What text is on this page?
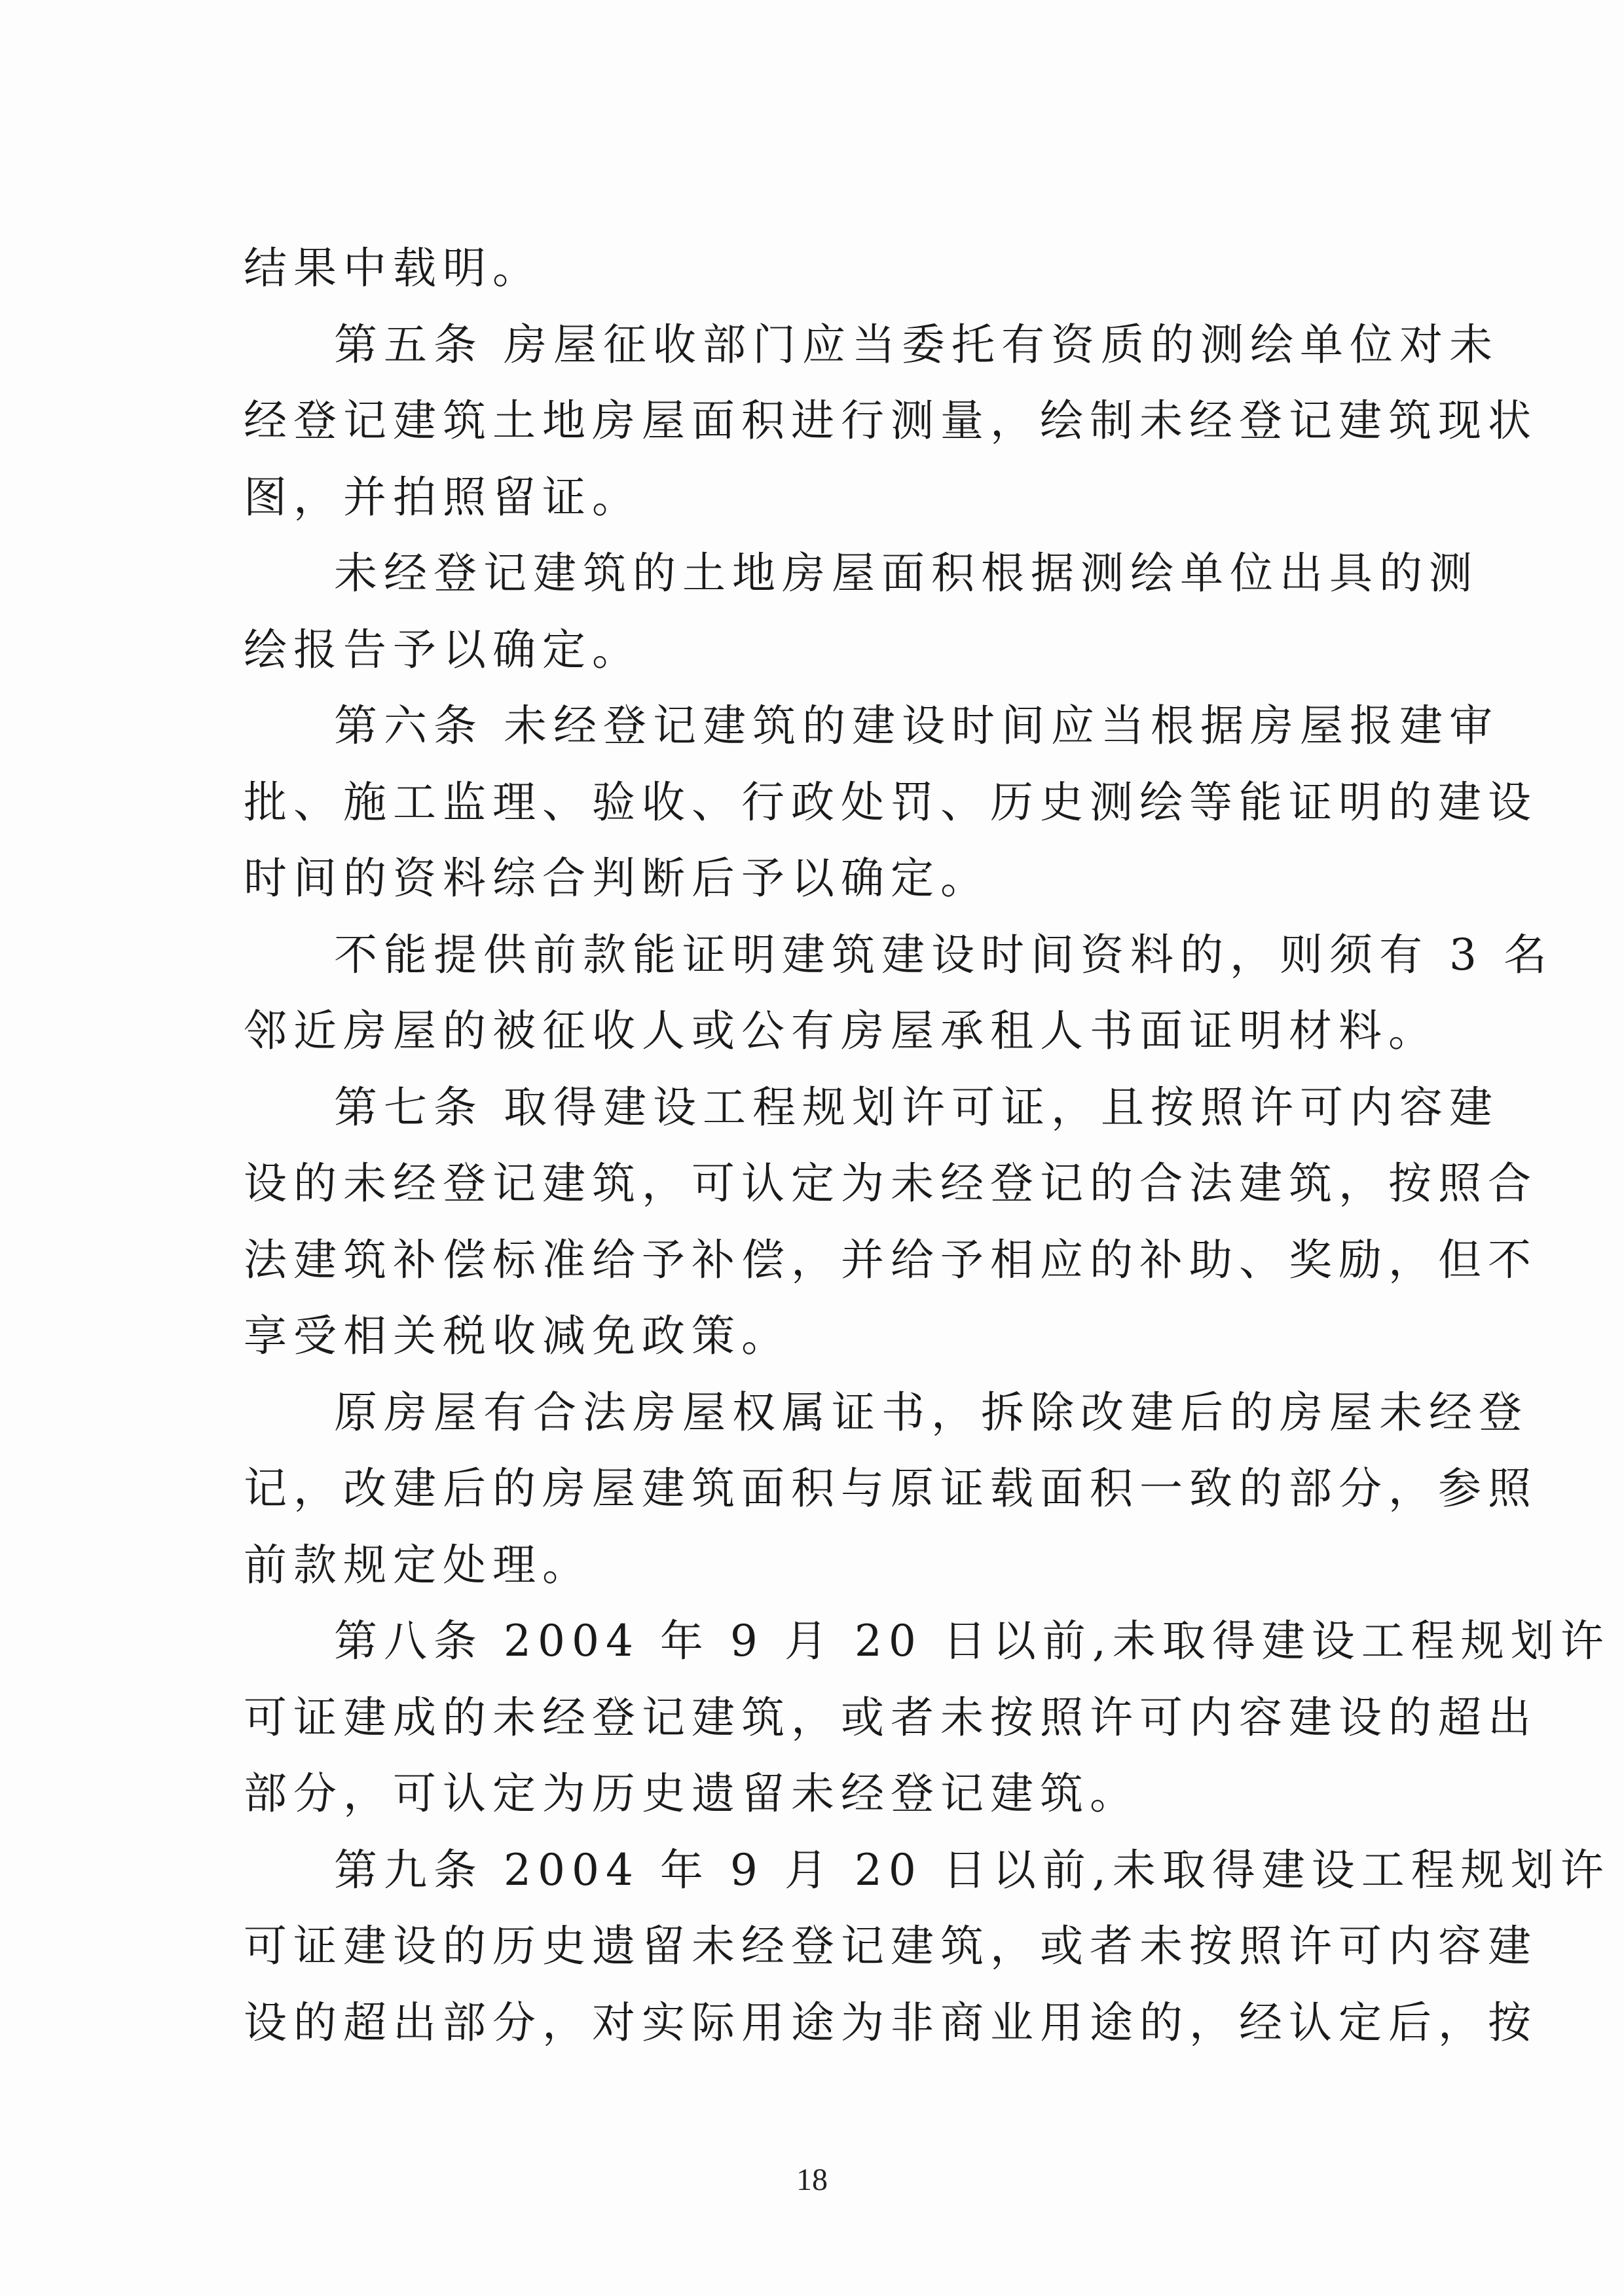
结果中载明。
第五条 房屋征收部门应当委托有资质的测绘单位对未
经登记建筑土地房屋面积进行测量，绘制未经登记建筑现状
图，并拍照留证。
未经登记建筑的土地房屋面积根据测绘单位出具的测
绘报告予以确定。
第六条 未经登记建筑的建设时间应当根据房屋报建审
批、施工监理、验收、行政处罚、历史测绘等能证明的建设
时间的资料综合判断后予以确定。
不能提供前款能证明建筑建设时间资料的，则须有 3 名
邻近房屋的被征收人或公有房屋承租人书面证明材料。
第七条 取得建设工程规划许可证，且按照许可内容建
设的未经登记建筑，可认定为未经登记的合法建筑，按照合
法建筑补偿标准给予补偿，并给予相应的补助、奖励，但不
享受相关税收减免政策。
原房屋有合法房屋权属证书，拆除改建后的房屋未经登
记，改建后的房屋建筑面积与原证载面积一致的部分，参照
前款规定处理。
第八条 2004 年 9 月 20 日以前,未取得建设工程规划许
可证建成的未经登记建筑，或者未按照许可内容建设的超出
部分，可认定为历史遗留未经登记建筑。
第九条 2004 年 9 月 20 日以前,未取得建设工程规划许
可证建设的历史遗留未经登记建筑，或者未按照许可内容建
设的超出部分，对实际用途为非商业用途的，经认定后，按
18
